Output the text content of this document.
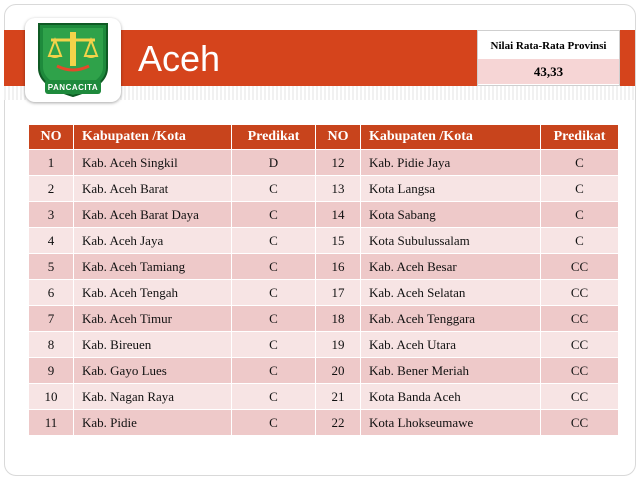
PANCACITA
Aceh	Nilai Rata-Rata Provinsi
43,33
NO	Kabupaten /Kota	Predikat	NO	Kabupaten /Kota	Predikat
1	Kab. Aceh Singkil	D	12	Kab. Pidie Jaya	C
2	Kab. Aceh Barat	C	13	Kota Langsa	C
3	Kab. Aceh Barat Daya	C	14	Kota Sabang	C
4	Kab. Aceh Jaya	C	15	Kota Subulussalam	C
5	Kab. Aceh Tamiang	C	16	Kab. Aceh Besar	CC
6	Kab. Aceh Tengah	C	17	Kab. Aceh Selatan	CC
7	Kab. Aceh Timur	C	18	Kab. Aceh Tenggara	CC
8	Kab. Bireuen	C	19	Kab. Aceh Utara	CC
9	Kab. Gayo Lues	C	20	Kab. Bener Meriah	CC
10	Kab. Nagan Raya	C	21	Kota Banda Aceh	CC
11	Kab. Pidie	C	22	Kota Lhokseumawe	CC
